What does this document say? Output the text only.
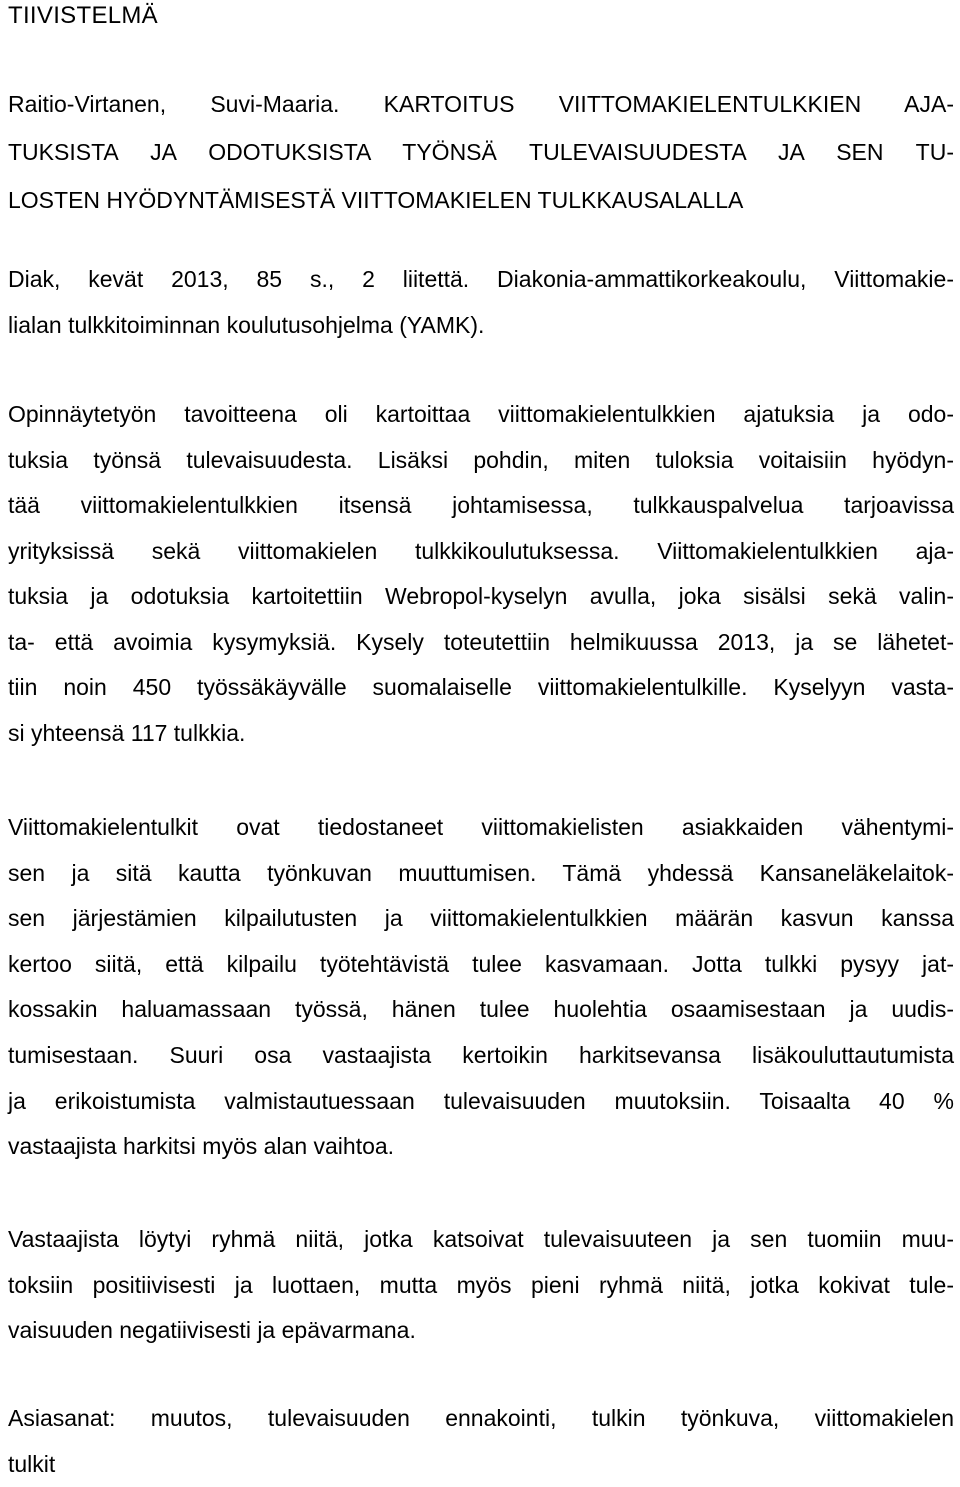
TIIVISTELMÄ
Raitio-Virtanen, Suvi-Maaria. KARTOITUS VIITTOMAKIELENTULKKIEN AJA-
TUKSISTA JA ODOTUKSISTA TYÖNSÄ TULEVAISUUDESTA JA SEN TU-
LOSTEN HYÖDYNTÄMISESTÄ VIITTOMAKIELEN TULKKAUSALALLA
Diak, kevät 2013, 85 s., 2 liitettä. Diakonia-ammattikorkeakoulu, Viittomakie-
lialan tulkkitoiminnan koulutusohjelma (YAMK).
Opinnäytetyön tavoitteena oli kartoittaa viittomakielentulkkien ajatuksia ja odo-
tuksia työnsä tulevaisuudesta. Lisäksi pohdin, miten tuloksia voitaisiin hyödyn-
tää viittomakielentulkkien itsensä johtamisessa, tulkkauspalvelua tarjoavissa
yrityksissä sekä viittomakielen tulkkikoulutuksessa. Viittomakielentulkkien aja-
tuksia ja odotuksia kartoitettiin Webropol-kyselyn avulla, joka sisälsi sekä valin-
ta- että avoimia kysymyksiä. Kysely toteutettiin helmikuussa 2013, ja se lähetet-
tiin noin 450 työssäkäyvälle suomalaiselle viittomakielentulkille. Kyselyyn vasta-
si yhteensä 117 tulkkia.
Viittomakielentulkit ovat tiedostaneet viittomakielisten asiakkaiden vähentymi-
sen ja sitä kautta työnkuvan muuttumisen. Tämä yhdessä Kansaneläkelaitok-
sen järjestämien kilpailutusten ja viittomakielentulkkien määrän kasvun kanssa
kertoo siitä, että kilpailu työtehtävistä tulee kasvamaan. Jotta tulkki pysyy jat-
kossakin haluamassaan työssä, hänen tulee huolehtia osaamisestaan ja uudis-
tumisestaan. Suuri osa vastaajista kertoikin harkitsevansa lisäkouluttautumista
ja erikoistumista valmistautuessaan tulevaisuuden muutoksiin. Toisaalta 40 %
vastaajista harkitsi myös alan vaihtoa.
Vastaajista löytyi ryhmä niitä, jotka katsoivat tulevaisuuteen ja sen tuomiin muu-
toksiin positiivisesti ja luottaen, mutta myös pieni ryhmä niitä, jotka kokivat tule-
vaisuuden negatiivisesti ja epävarmana.
Asiasanat: muutos, tulevaisuuden ennakointi, tulkin työnkuva, viittomakielen
tulkit
